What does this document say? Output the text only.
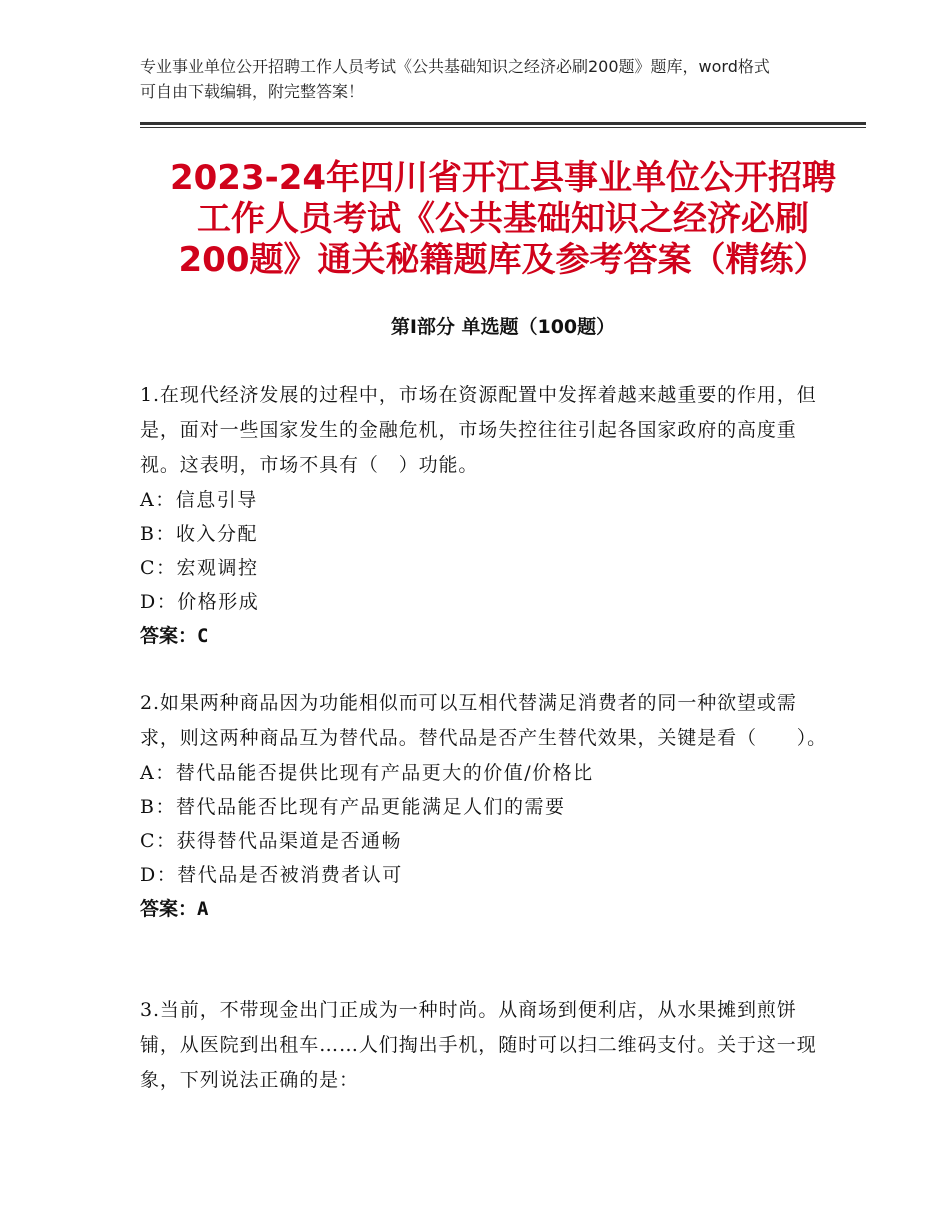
专业事业单位公开招聘工作人员考试《公共基础知识之经济必刷200题》题库，word格式可自由下载编辑，附完整答案！
2023-24年四川省开江县事业单位公开招聘
工作人员考试《公共基础知识之经济必刷
200题》通关秘籍题库及参考答案（精练）
第Ⅰ部分 单选题（100题）
1.在现代经济发展的过程中，市场在资源配置中发挥着越来越重要的作用，但是，面对一些国家发生的金融危机，市场失控往往引起各国家政府的高度重视。这表明，市场不具有（　）功能。
A：信息引导
B：收入分配
C：宏观调控
D：价格形成
答案：C
2.如果两种商品因为功能相似而可以互相代替满足消费者的同一种欲望或需求，则这两种商品互为替代品。替代品是否产生替代效果，关键是看（　　）。
A：替代品能否提供比现有产品更大的价值/价格比
B：替代品能否比现有产品更能满足人们的需要
C：获得替代品渠道是否通畅
D：替代品是否被消费者认可
答案：A
3.当前，不带现金出门正成为一种时尚。从商场到便利店，从水果摊到煎饼铺，从医院到出租车……人们掏出手机，随时可以扫二维码支付。关于这一现象，下列说法正确的是：
